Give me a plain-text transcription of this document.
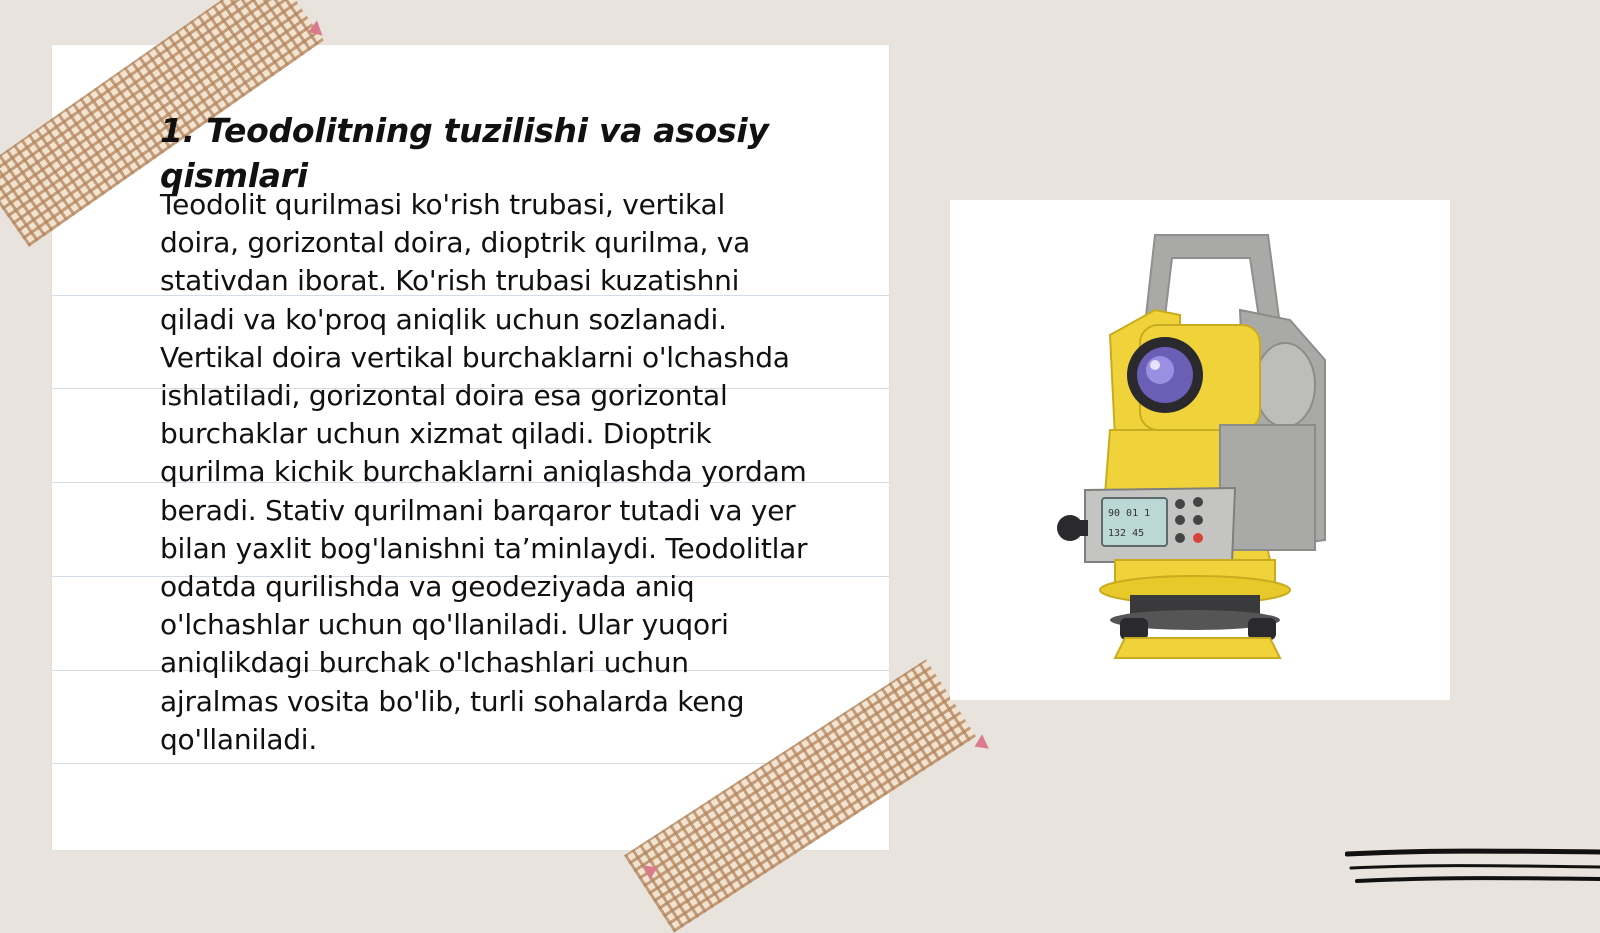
1. Teodolitning tuzilishi va asosiy qismlari

Teodolit qurilmasi ko'rish trubasi, vertikal doira, gorizontal doira, dioptrik qurilma, va stativdan iborat. Ko'rish trubasi kuzatishni qiladi va ko'proq aniqlik uchun sozlanadi. Vertikal doira vertikal burchaklarni o'lchashda ishlatiladi, gorizontal doira esa gorizontal burchaklar uchun xizmat qiladi. Dioptrik qurilma kichik burchaklarni aniqlashda yordam beradi. Stativ qurilmani barqaror tutadi va yer bilan yaxlit bog'lanishni ta’minlaydi. Teodolitlar odatda qurilishda va geodeziyada aniq o'lchashlar uchun qo'llaniladi. Ular yuqori aniqlikdagi burchak o'lchashlari uchun ajralmas vosita bo'lib, turli sohalarda keng qo'llaniladi.

90 01 1
132 45
